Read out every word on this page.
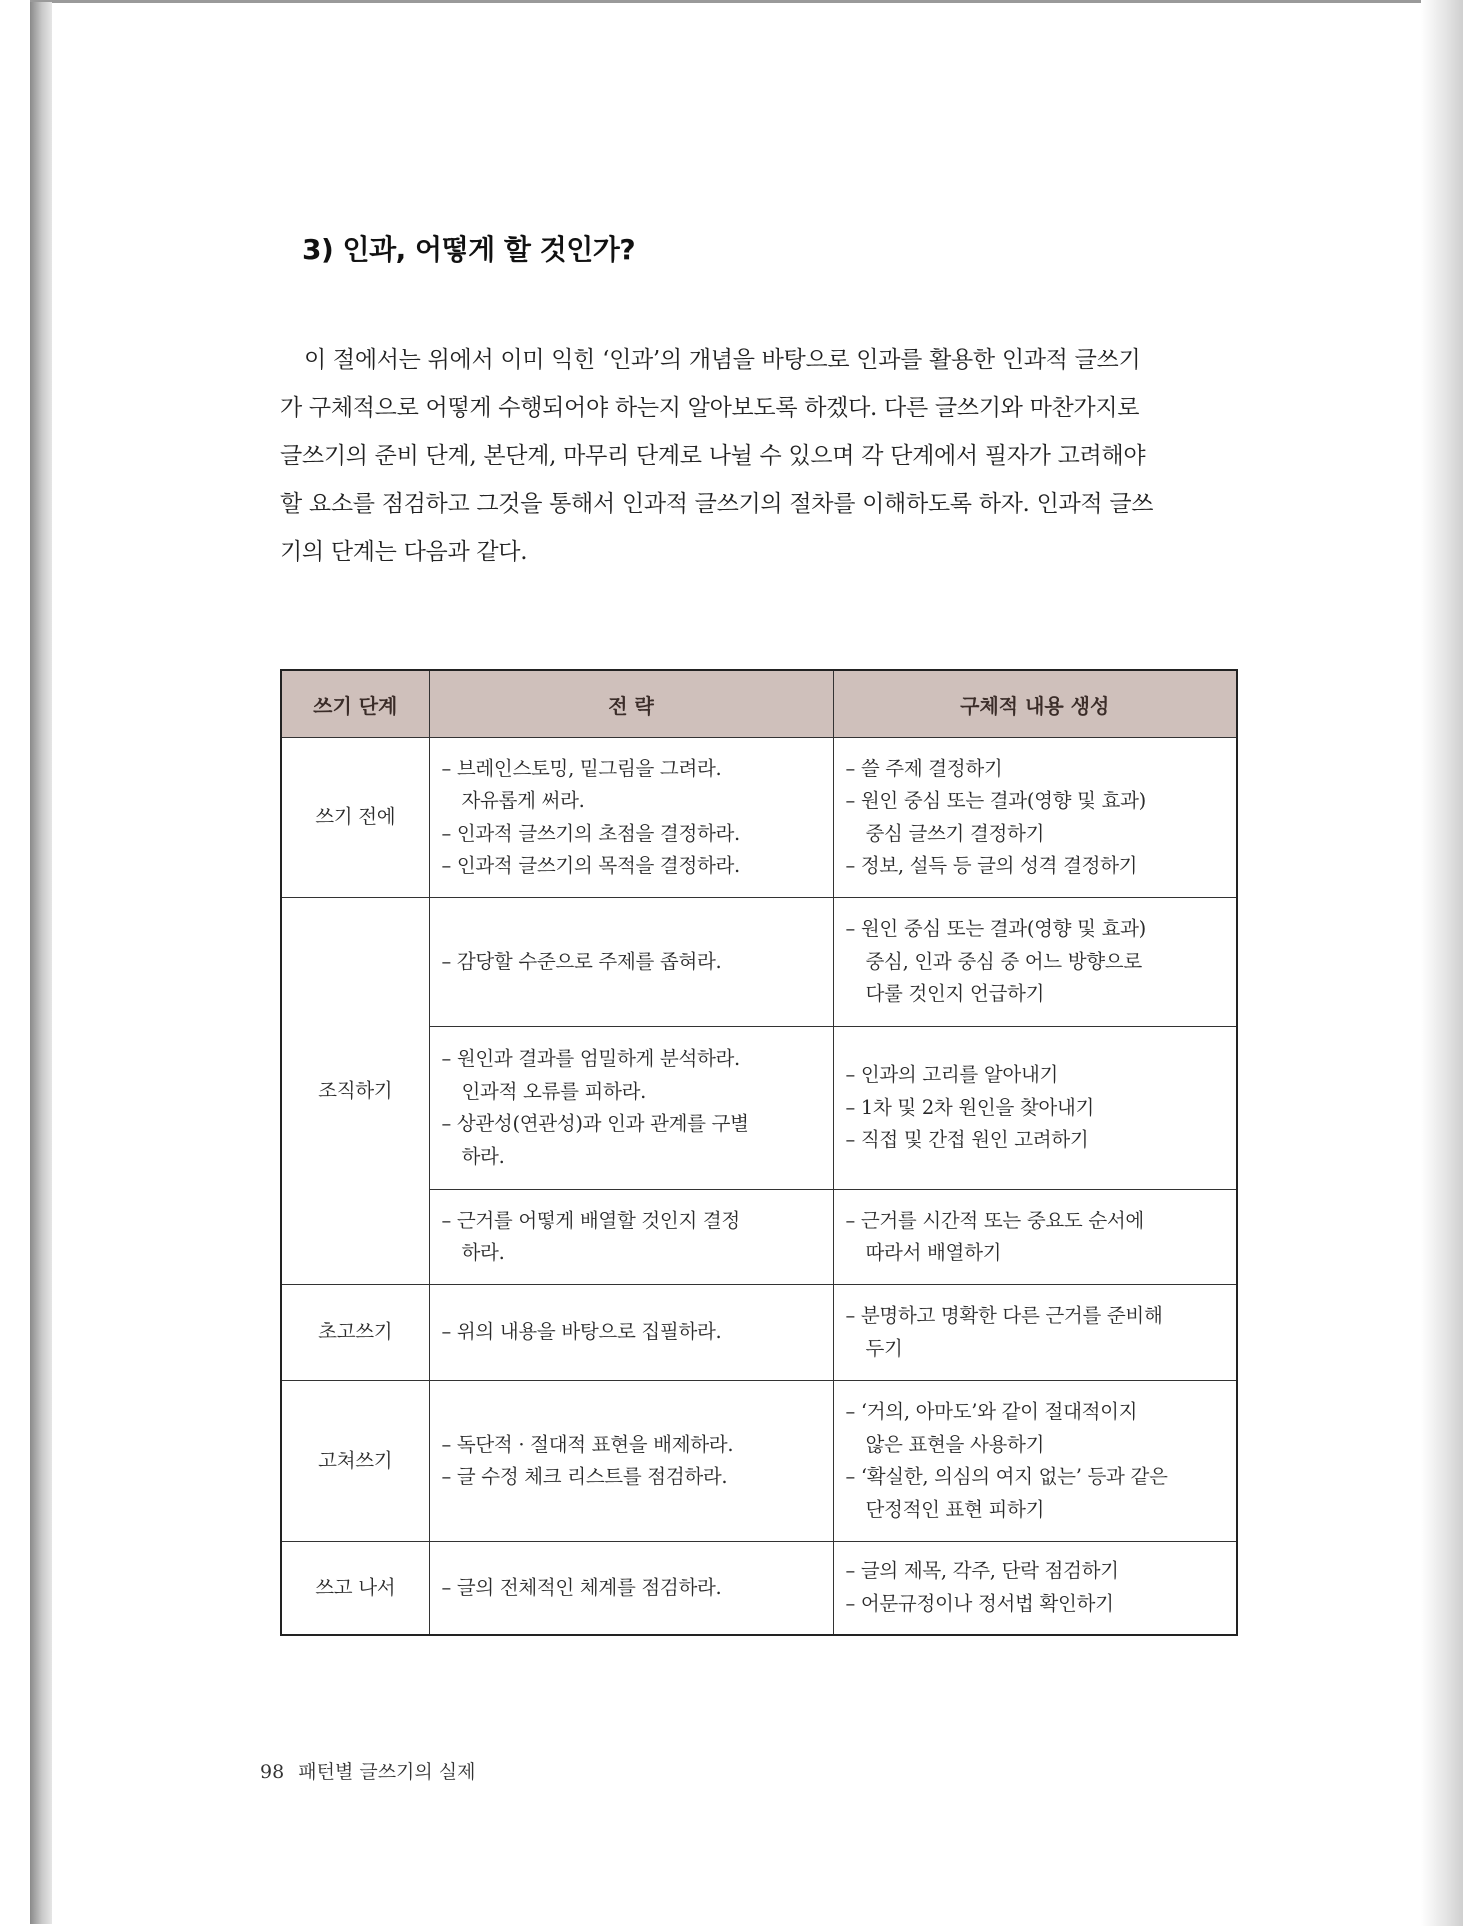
3) 인과, 어떻게 할 것인가?

이 절에서는 위에서 이미 익힌 ‘인과’의 개념을 바탕으로 인과를 활용한 인과적 글쓰기

가 구체적으로 어떻게 수행되어야 하는지 알아보도록 하겠다. 다른 글쓰기와 마찬가지로
글쓰기의 준비 단계, 본단계, 마무리 단계로 나뉠 수 있으며 각 단계에서 필자가 고려해야
할 요소를 점검하고 그것을 통해서 인과적 글쓰기의 절차를 이해하도록 하자. 인과적 글쓰
기의 단계는 다음과 같다.
쓰기 단계	전 략	구체적 내용 생성
쓰기 전에	– 브레인스토밍, 밑그림을 그려라.
자유롭게 써라.
– 인과적 글쓰기의 초점을 결정하라.
– 인과적 글쓰기의 목적을 결정하라.	– 쓸 주제 결정하기
– 원인 중심 또는 결과(영향 및 효과)
중심 글쓰기 결정하기
– 정보, 설득 등 글의 성격 결정하기

조직하기	– 감당할 수준으로 주제를 좁혀라.	– 원인 중심 또는 결과(영향 및 효과)
중심, 인과 중심 중 어느 방향으로
다룰 것인지 언급하기

	– 원인과 결과를 엄밀하게 분석하라.
인과적 오류를 피하라.
– 상관성(연관성)과 인과 관계를 구별
하라.	– 인과의 고리를 알아내기
– 1차 및 2차 원인을 찾아내기
– 직접 및 간접 원인 고려하기

	– 근거를 어떻게 배열할 것인지 결정
하라.	– 근거를 시간적 또는 중요도 순서에
따라서 배열하기

초고쓰기	– 위의 내용을 바탕으로 집필하라.	– 분명하고 명확한 다른 근거를 준비해
두기

고쳐쓰기	– 독단적 · 절대적 표현을 배제하라.
– 글 수정 체크 리스트를 점검하라.	– ‘거의, 아마도’와 같이 절대적이지
않은 표현을 사용하기
– ‘확실한, 의심의 여지 없는’ 등과 같은
단정적인 표현 피하기

쓰고 나서	– 글의 전체적인 체계를 점검하라.	– 글의 제목, 각주, 단락 점검하기
– 어문규정이나 정서법 확인하기
98 패턴별 글쓰기의 실제
